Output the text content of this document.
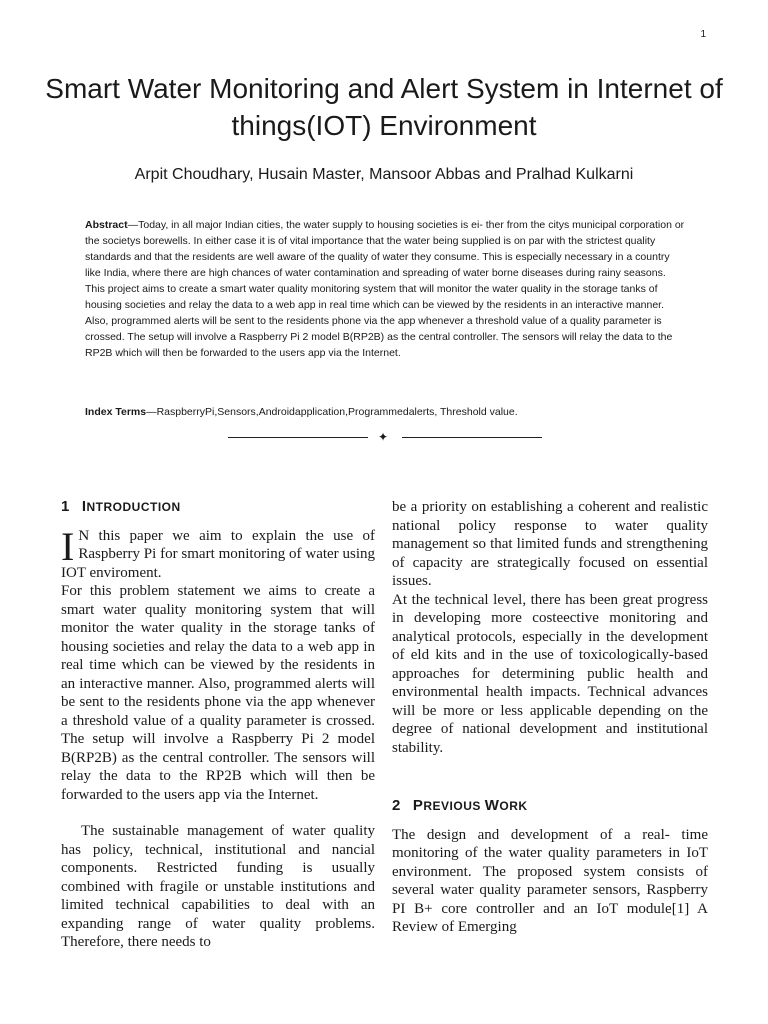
1
Smart Water Monitoring and Alert System in Internet of things(IOT) Environment
Arpit Choudhary, Husain Master, Mansoor Abbas and Pralhad Kulkarni

Abstract—Today, in all major Indian cities, the water supply to housing societies is ei- ther from the citys municipal corporation or the societys borewells. In either case it is of vital importance that the water being supplied is on par with the strictest quality standards and that the residents are well aware of the quality of water they consume. This is especially necessary in a country like India, where there are high chances of water contamination and spreading of water borne diseases during rainy seasons. This project aims to create a smart water quality monitoring system that will monitor the water quality in the storage tanks of housing societies and relay the data to a web app in real time which can be viewed by the residents in an interactive manner.

Also, programmed alerts will be sent to the residents phone via the app whenever a threshold value of a quality parameter is crossed. The setup will involve a Raspberry Pi 2 model B(RP2B) as the central controller. The sensors will relay the data to the RP2B which will then be forwarded to the users app via the Internet.

Index Terms—RaspberryPi,Sensors,Androidapplication,Programmedalerts, Threshold value.
✦
1 INTRODUCTION

I N this paper we aim to explain the use of Raspberry Pi for smart monitoring of water using IOT enviroment.

For this problem statement we aims to create a smart water quality monitoring system that will monitor the water quality in the storage tanks of housing societies and relay the data to a web app in real time which can be viewed by the residents in an interactive manner. Also, programmed alerts will be sent to the residents phone via the app whenever a threshold value of a quality parameter is crossed. The setup will involve a Raspberry Pi 2 model B(RP2B) as the central controller. The sensors will relay the data to the RP2B which will then be forwarded to the users app via the Internet.

The sustainable management of water quality has policy, technical, institutional and nancial components. Restricted funding is usually combined with fragile or unstable institutions and limited technical capabilities to deal with an expanding range of water quality problems. Therefore, there needs to

be a priority on establishing a coherent and realistic national policy response to water quality management so that limited funds and strengthening of capacity are strategically focused on essential issues.

At the technical level, there has been great progress in developing more costeective monitoring and analytical protocols, especially in the development of eld kits and in the use of toxicologically-based approaches for determining public health and environmental health impacts. Technical advances will be more or less applicable depending on the degree of national development and institutional stability.

2 PREVIOUS WORK

The design and development of a real- time monitoring of the water quality parameters in IoT environment. The proposed system consists of several water quality parameter sensors, Raspberry PI B+ core controller and an IoT module[1] A Review of Emerging
